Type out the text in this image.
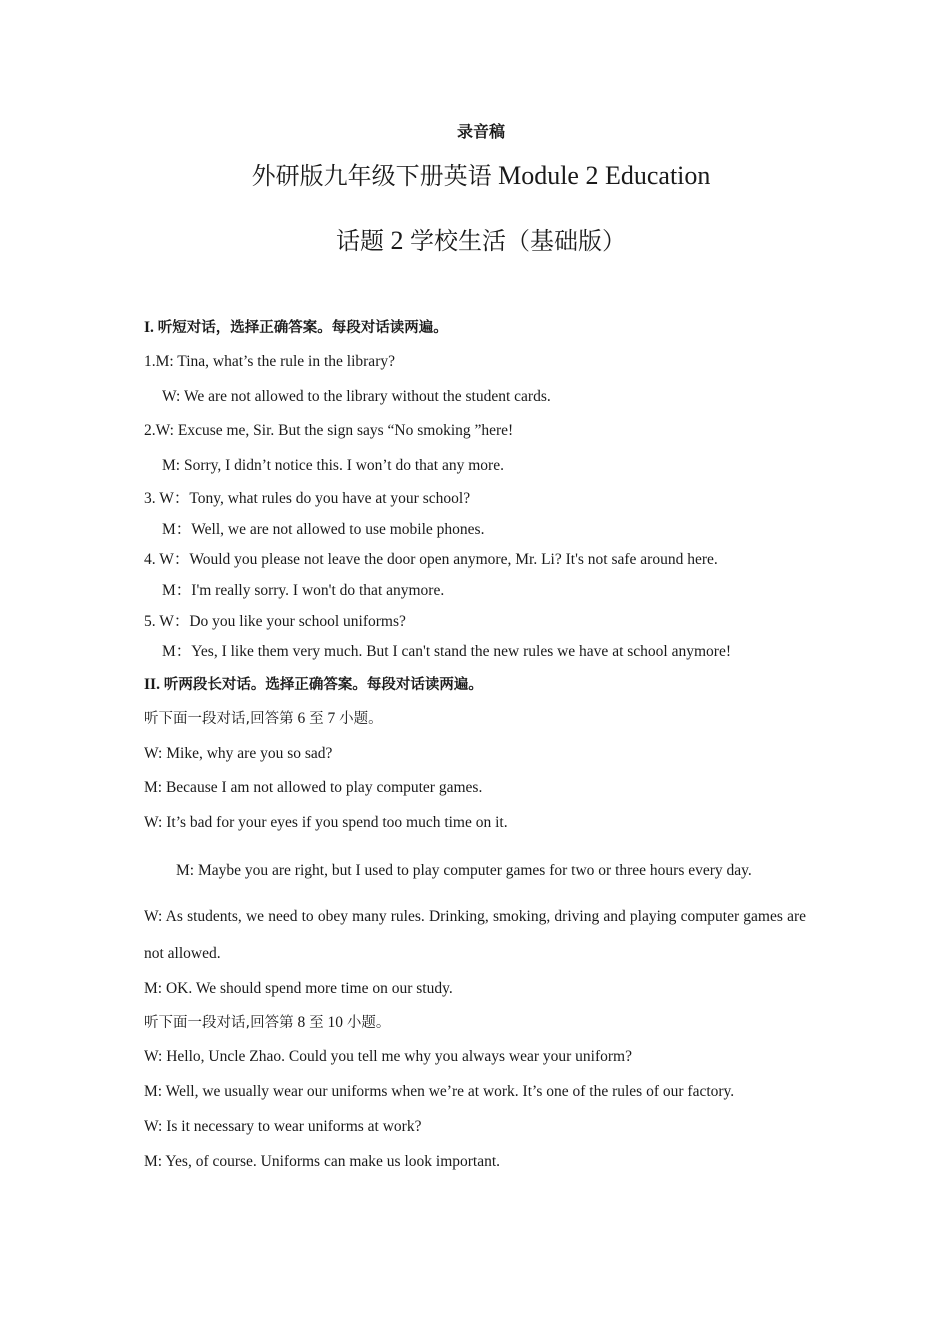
录音稿
外研版九年级下册英语 Module 2 Education
话题 2 学校生活（基础版）
I. 听短对话，选择正确答案。每段对话读两遍。
1.M: Tina, what’s the rule in the library?
W: We are not allowed to the library without the student cards.
2.W: Excuse me, Sir. But the sign says “No smoking ”here!
M: Sorry, I didn’t notice this. I won’t do that any more.
3. W：Tony, what rules do you have at your school?
M：Well, we are not allowed to use mobile phones.
4. W：Would you please not leave the door open anymore, Mr. Li? It's not safe around here.
M：I'm really sorry. I won't do that anymore.
5. W：Do you like your school uniforms?
M：Yes, I like them very much. But I can't stand the new rules we have at school anymore!
II. 听两段长对话。选择正确答案。每段对话读两遍。
听下面一段对话,回答第 6 至 7 小题。
W: Mike, why are you so sad?
M: Because I am not allowed to play computer games.
W: It’s bad for your eyes if you spend too much time on it.
M: Maybe you are right, but I used to play computer games for two or three hours every day.
W: As students, we need to obey many rules. Drinking, smoking, driving and playing computer games are not allowed.
M: OK. We should spend more time on our study.
听下面一段对话,回答第 8 至 10 小题。
W: Hello, Uncle Zhao. Could you tell me why you always wear your uniform?
M: Well, we usually wear our uniforms when we’re at work. It’s one of the rules of our factory.
W: Is it necessary to wear uniforms at work?
M: Yes, of course. Uniforms can make us look important.
